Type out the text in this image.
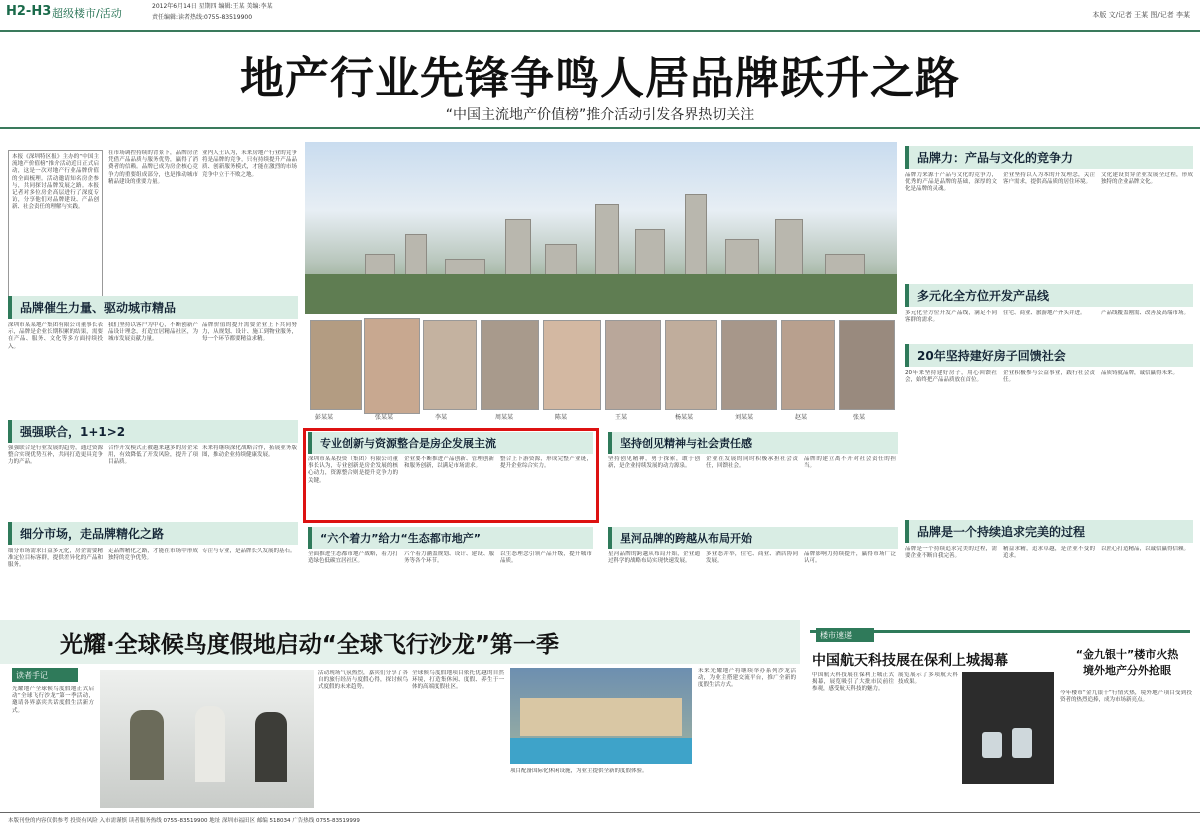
H2-H3 超级楼市/活动
2012年6月14日 星期四 编辑:王某 美编:李某
责任编辑:读者热线:0755-83519900	本版 文/记者 王某 图/记者 李某
地产行业先锋争鸣人居品牌跃升之路
“中国主流地产价值榜”推介活动引发各界热切关注
本报《深圳特区报》主办的“中国主流地产价值榜”推介活动近日正式启动，这是一次对地产行业品牌价值的全面梳理。活动邀请知名房企参与，共同探讨品牌发展之路。本报记者对多位房企高层进行了深度专访，分享他们对品牌建设、产品创新、社会责任的理解与实践。
在市场调控持续的背景下，品牌房企凭借产品品质与服务优势，赢得了消费者的信赖。品牌已成为房企核心竞争力的重要组成部分，也是推动城市精品建设的重要力量。
业内人士认为，未来房地产行业的竞争将是品牌的竞争，只有持续提升产品品质、创新服务模式，才能在激烈的市场竞争中立于不败之地。
品牌催生力量、驱动城市精品
深圳市某某地产集团有限公司董事长表示，品牌是企业长期积累的结果，需要在产品、服务、文化等多方面持续投入。
我们坚持以客户为中心，不断创新产品设计理念，打造宜居精品社区，为城市发展贡献力量。
品牌价值的提升需要企业上下共同努力，从规划、设计、施工到物业服务，每一个环节都要精益求精。
强强联合，1+1>2
强强联合是行业发展的趋势，通过资源整合实现优势互补，共同打造更具竞争力的产品。
合作开发模式正被越来越多的房企采用，有效降低了开发风险，提升了项目品质。
未来将继续深化战略合作，拓展业务版图，推动企业持续健康发展。
细分市场，走品牌精化之路
细分市场需求日益多元化，房企需要精准定位目标客群，提供差异化的产品和服务。
走品牌精化之路，才能在市场中形成独特的竞争优势。
专注与专业，是品牌长久发展的基石。
彭某某	张某某	李某	周某某	陈某	王某	杨某某	刘某某	赵某	张某
专业创新与资源整合是房企发展主流
深圳市某某投资（集团）有限公司董事长认为，专业创新是房企发展的核心动力，资源整合则是提升竞争力的关键。
企业要不断推进产品创新、管理创新和服务创新，以满足市场需求。
整合上下游资源，形成完整产业链，提升企业综合实力。
坚持创见精神与社会责任感
坚持创见精神，勇于探索，敢于创新，是企业持续发展的动力源泉。
企业在发展的同时积极承担社会责任，回馈社会。
品牌的建立离不开对社会责任的担当。
“六个着力”给力“生态都市地产”
全面推进生态都市地产战略，着力打造绿色低碳宜居社区。
六个着力涵盖规划、设计、建设、服务等各个环节。
以生态理念引领产品升级，提升城市品质。
星河品牌的跨越从布局开始
星河品牌的跨越从布局开始，企业通过科学的战略布局实现快速发展。
多业态并举，住宅、商业、酒店协同发展。
品牌影响力持续提升，赢得市场广泛认可。
品牌力：产品与文化的竞争力
品牌力来源于产品与文化的竞争力，优秀的产品是品牌的基础，深厚的文化是品牌的灵魂。
企业坚持以人为本的开发理念，关注客户需求，提供高品质的居住环境。
文化建设贯穿企业发展全过程，形成独特的企业品牌文化。
多元化全方位开发产品线
多元化全方位开发产品线，满足不同客群的需求。
住宅、商业、旅游地产齐头并进。	产品线覆盖刚需、改善及高端市场。
20年坚持建好房子回馈社会
20年来坚持建好房子，用心回馈社会，始终把产品品质放在首位。
企业积极参与公益事业，践行社会责任。
品质铸就品牌，诚信赢得未来。
品牌是一个持续追求完美的过程
品牌是一个持续追求完美的过程，需要企业不断自我完善。
精益求精，追求卓越，是企业不变的追求。
以匠心打造精品，以诚信赢得信赖。
光耀·全球候鸟度假地启动“全球飞行沙龙”第一季
读者手记
光耀地产全球候鸟度假地正式启动“全球飞行沙龙”第一季活动，邀请各界嘉宾共话度假生活新方式。
活动现场气氛热烈，嘉宾们分享了各自的旅行经历与度假心得，探讨候鸟式度假的未来趋势。
全球候鸟度假地项目依托优越的自然环境，打造集休闲、度假、养生于一体的高端度假社区。
项目配备国际化休闲设施，为业主提供全新的度假体验。
未来光耀地产将继续举办系列沙龙活动，为业主搭建交流平台，推广全新的度假生活方式。
楼市速递
中国航天科技展在保利上城揭幕	“金九银十”楼市火热
境外地产分外抢眼
中国航天科技展在保利上城正式揭幕，展览吸引了大批市民前往参观，感受航天科技的魅力。
展览展示了多项航天科技成果。
今年楼市“金九银十”行情火热，境外地产项目受到投资者的热烈追捧，成为市场新亮点。
本版刊登的内容仅供参考 投资有风险 入市需谨慎 读者服务热线 0755-83519900 地址 深圳市福田区 邮编 518034 广告热线 0755-83519999
